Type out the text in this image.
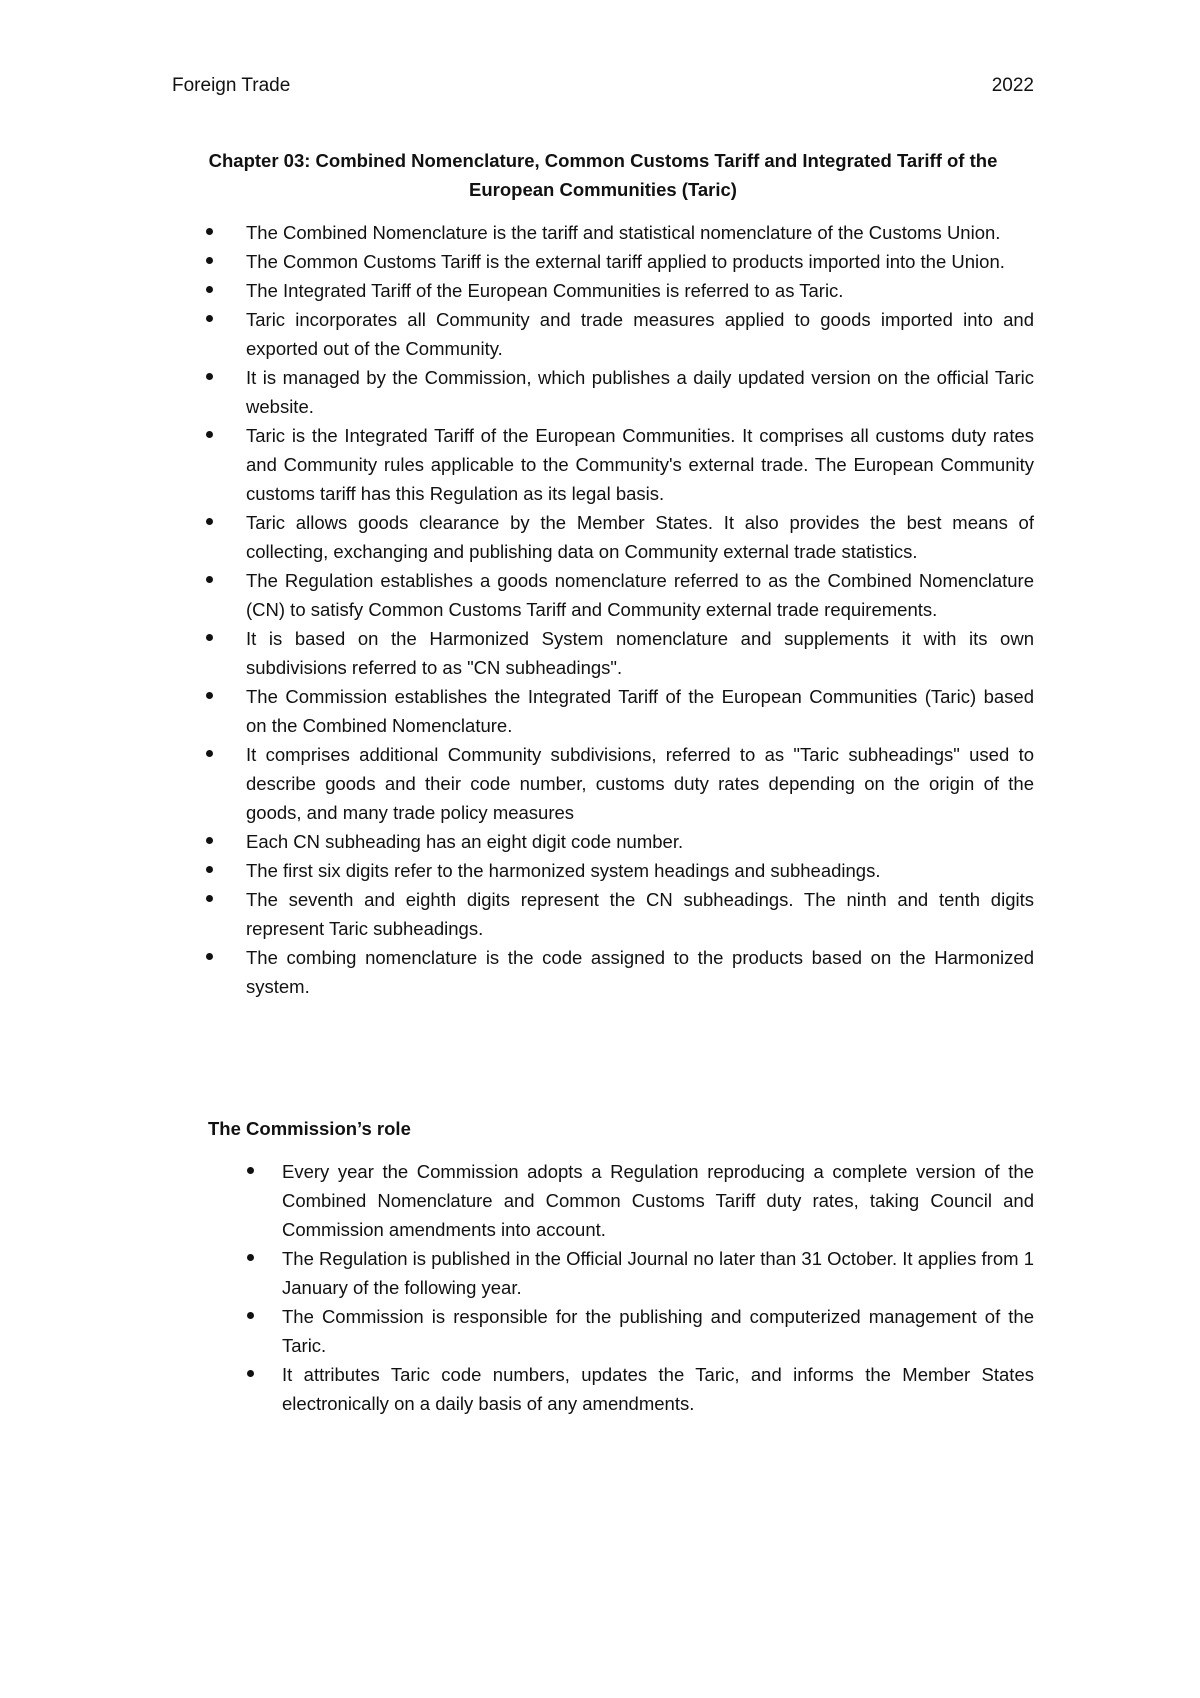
Foreign Trade	2022
Chapter 03: Combined Nomenclature, Common Customs Tariff and Integrated Tariff of the European Communities (Taric)
The Combined Nomenclature is the tariff and statistical nomenclature of the Customs Union.
The Common Customs Tariff is the external tariff applied to products imported into the Union.
The Integrated Tariff of the European Communities is referred to as Taric.
Taric incorporates all Community and trade measures applied to goods imported into and exported out of the Community.
It is managed by the Commission, which publishes a daily updated version on the official Taric website.
Taric is the Integrated Tariff of the European Communities. It comprises all customs duty rates and Community rules applicable to the Community's external trade. The European Community customs tariff has this Regulation as its legal basis.
Taric allows goods clearance by the Member States. It also provides the best means of collecting, exchanging and publishing data on Community external trade statistics.
The Regulation establishes a goods nomenclature referred to as the Combined Nomenclature (CN) to satisfy Common Customs Tariff and Community external trade requirements.
It is based on the Harmonized System nomenclature and supplements it with its own subdivisions referred to as "CN subheadings".
The Commission establishes the Integrated Tariff of the European Communities (Taric) based on the Combined Nomenclature.
It comprises additional Community subdivisions, referred to as "Taric subheadings" used to describe goods and their code number, customs duty rates depending on the origin of the goods, and many trade policy measures
Each CN subheading has an eight digit code number.
The first six digits refer to the harmonized system headings and subheadings.
The seventh and eighth digits represent the CN subheadings. The ninth and tenth digits represent Taric subheadings.
The combing nomenclature is the code assigned to the products based on the Harmonized system.
The Commission’s role
Every year the Commission adopts a Regulation reproducing a complete version of the Combined Nomenclature and Common Customs Tariff duty rates, taking Council and Commission amendments into account.
The Regulation is published in the Official Journal no later than 31 October. It applies from 1 January of the following year.
The Commission is responsible for the publishing and computerized management of the Taric.
It attributes Taric code numbers, updates the Taric, and informs the Member States electronically on a daily basis of any amendments.
